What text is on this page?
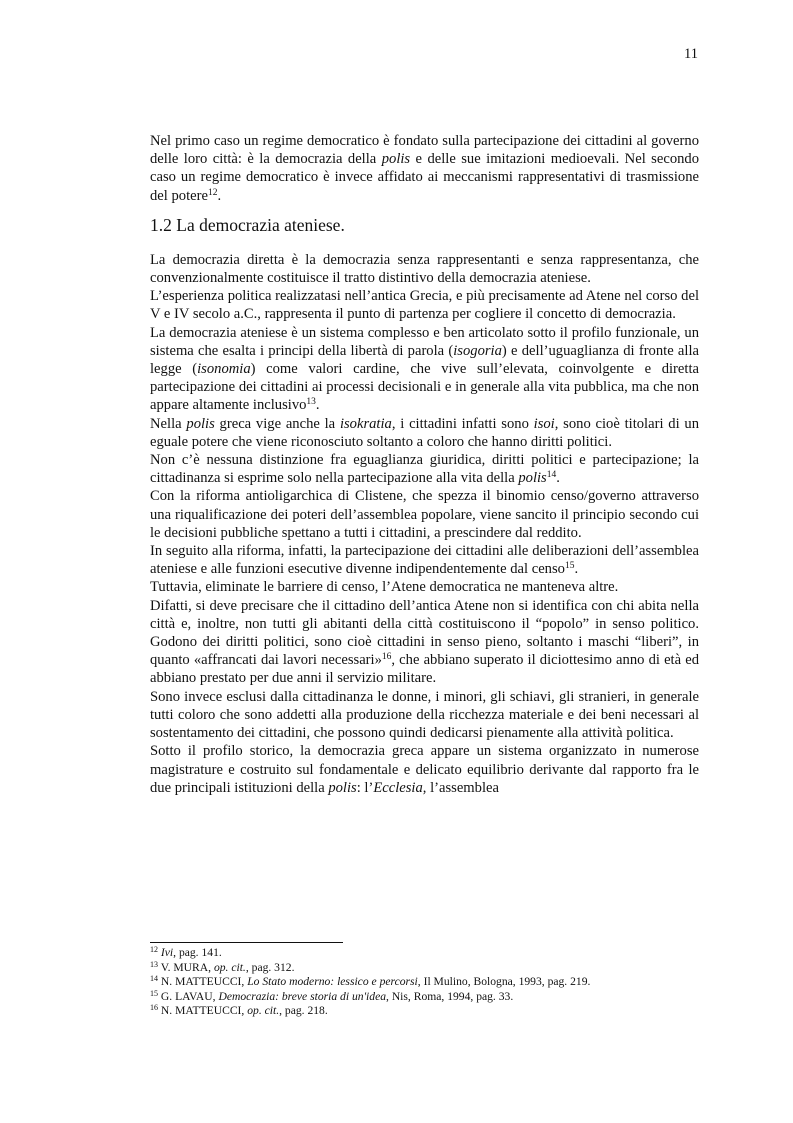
11

Nel primo caso un regime democratico è fondato sulla partecipazione dei cittadini al governo delle loro città: è la democrazia della polis e delle sue imitazioni medioevali. Nel secondo caso un regime democratico è invece affidato ai meccanismi rappresentativi di trasmissione del potere$^{12}$.

1.2 La democrazia ateniese.

La democrazia diretta è la democrazia senza rappresentanti e senza rappresentanza, che convenzionalmente costituisce il tratto distintivo della democrazia ateniese.

L’esperienza politica realizzatasi nell’antica Grecia, e più precisamente ad Atene nel corso del V e IV secolo a.C., rappresenta il punto di partenza per cogliere il concetto di democrazia.

La democrazia ateniese è un sistema complesso e ben articolato sotto il profilo funzionale, un sistema che esalta i principi della libertà di parola (isogoria) e dell’uguaglianza di fronte alla legge (isonomia) come valori cardine, che vive sull’elevata, coinvolgente e diretta partecipazione dei cittadini ai processi decisionali e in generale alla vita pubblica, ma che non appare altamente inclusivo$^{13}$.

Nella polis greca vige anche la isokratia, i cittadini infatti sono isoi, sono cioè titolari di un eguale potere che viene riconosciuto soltanto a coloro che hanno diritti politici.

Non c’è nessuna distinzione fra eguaglianza giuridica, diritti politici e partecipazione; la cittadinanza si esprime solo nella partecipazione alla vita della polis$^{14}$.

Con la riforma antioligarchica di Clistene, che spezza il binomio censo/governo attraverso una riqualificazione dei poteri dell’assemblea popolare, viene sancito il principio secondo cui le decisioni pubbliche spettano a tutti i cittadini, a prescindere dal reddito.

In seguito alla riforma, infatti, la partecipazione dei cittadini alle deliberazioni dell’assemblea ateniese e alle funzioni esecutive divenne indipendentemente dal censo$^{15}$.

Tuttavia, eliminate le barriere di censo, l’Atene democratica ne manteneva altre.

Difatti, si deve precisare che il cittadino dell’antica Atene non si identifica con chi abita nella città e, inoltre, non tutti gli abitanti della città costituiscono il “popolo” in senso politico. Godono dei diritti politici, sono cioè cittadini in senso pieno, soltanto i maschi “liberi”, in quanto «affrancati dai lavori necessari»$^{16}$, che abbiano superato il diciottesimo anno di età ed abbiano prestato per due anni il servizio militare.

Sono invece esclusi dalla cittadinanza le donne, i minori, gli schiavi, gli stranieri, in generale tutti coloro che sono addetti alla produzione della ricchezza materiale e dei beni necessari al sostentamento dei cittadini, che possono quindi dedicarsi pienamente alla attività politica.

Sotto il profilo storico, la democrazia greca appare un sistema organizzato in numerose magistrature e costruito sul fondamentale e delicato equilibrio derivante dal rapporto fra le due principali istituzioni della polis: l’Ecclesia, l’assemblea

$^{12}$ Ivi, pag. 141.
$^{13}$ V. MURA, op. cit., pag. 312.
$^{14}$ N. MATTEUCCI, Lo Stato moderno: lessico e percorsi, Il Mulino, Bologna, 1993, pag. 219.
$^{15}$ G. LAVAU, Democrazia: breve storia di un'idea, Nis, Roma, 1994, pag. 33.
$^{16}$ N. MATTEUCCI, op. cit., pag. 218.
